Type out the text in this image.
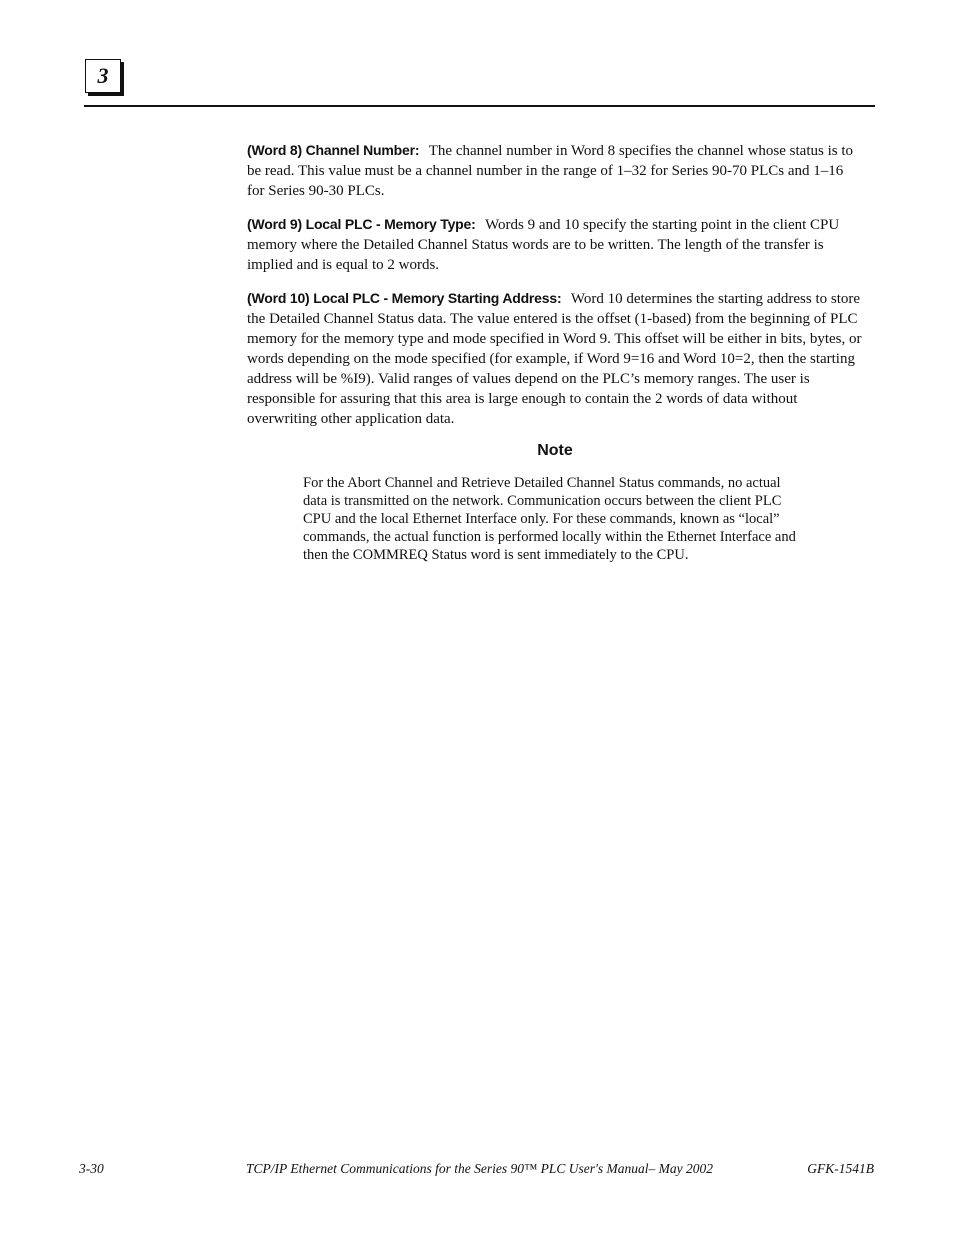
3

(Word 8) Channel Number: The channel number in Word 8 specifies the channel whose status is to be read. This value must be a channel number in the range of 1–32 for Series 90-70 PLCs and 1–16 for Series 90-30 PLCs.

(Word 9) Local PLC - Memory Type: Words 9 and 10 specify the starting point in the client CPU memory where the Detailed Channel Status words are to be written. The length of the transfer is implied and is equal to 2 words.

(Word 10) Local PLC - Memory Starting Address: Word 10 determines the starting address to store the Detailed Channel Status data. The value entered is the offset (1-based) from the beginning of PLC memory for the memory type and mode specified in Word 9. This offset will be either in bits, bytes, or words depending on the mode specified (for example, if Word 9=16 and Word 10=2, then the starting address will be %I9). Valid ranges of values depend on the PLC’s memory ranges. The user is responsible for assuring that this area is large enough to contain the 2 words of data without overwriting other application data.

Note

For the Abort Channel and Retrieve Detailed Channel Status commands, no actual data is transmitted on the network. Communication occurs between the client PLC CPU and the local Ethernet Interface only. For these commands, known as “local” commands, the actual function is performed locally within the Ethernet Interface and then the COMMREQ Status word is sent immediately to the CPU.

3-30	TCP/IP Ethernet Communications for the Series 90™ PLC User's Manual– May 2002	GFK-1541B
